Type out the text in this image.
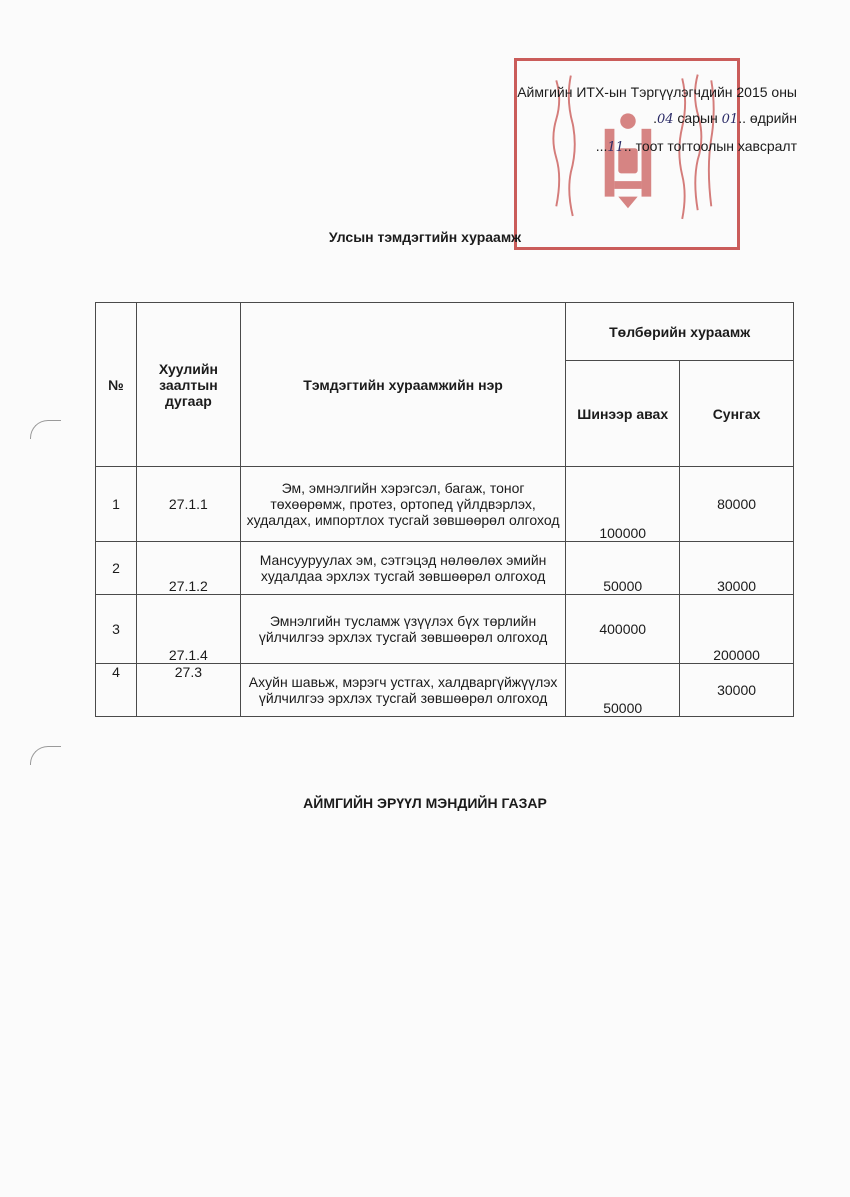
Аймгийн ИТХ-ын Тэргүүлэгчдийн 2015 оны
.04 сарын 01.. өдрийн
...11.. тоот тогтоолын хавсралт
Улсын тэмдэгтийн хураамж
№	Хуулийн заалтын дугаар	Тэмдэгтийн хураамжийн нэр	Төлбөрийн хураамж	
			Шинээр авах	Сунгах
1	27.1.1	Эм, эмнэлгийн хэрэгсэл, багаж, тоног төхөөрөмж, протез, ортопед үйлдвэрлэх, худалдах, импортлох тусгай зөвшөөрөл олгоход	100000	80000
2	27.1.2	Мансууруулах эм, сэтгэцэд нөлөөлөх эмийн худалдаа эрхлэх тусгай зөвшөөрөл олгоход	50000	30000
3	27.1.4	Эмнэлгийн тусламж үзүүлэх бүх төрлийн үйлчилгээ эрхлэх тусгай зөвшөөрөл олгоход	400000	200000
4	27.3	Ахуйн шавьж, мэрэгч устгах, халдваргүйжүүлэх үйлчилгээ эрхлэх тусгай зөвшөөрөл олгоход	50000	30000
АЙМГИЙН ЭРҮҮЛ МЭНДИЙН ГАЗАР
